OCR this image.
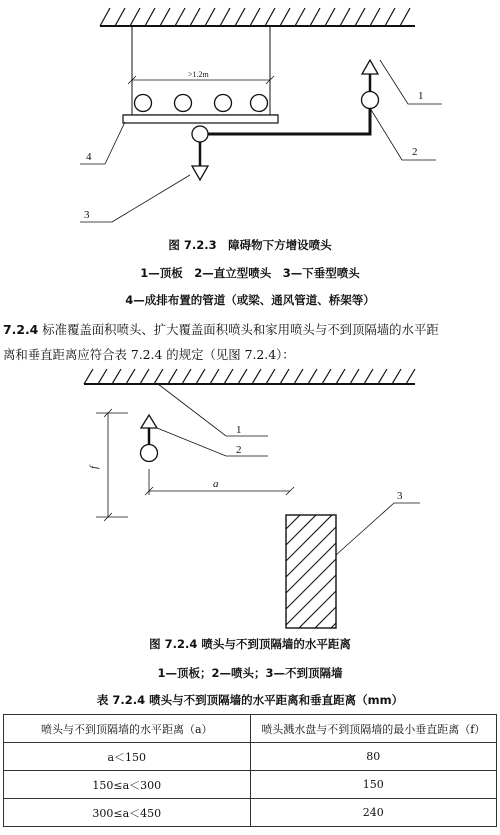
>1.2m
1
2
4
3
图 7.2.3　障碍物下方增设喷头
1—顶板　2—直立型喷头　3—下垂型喷头
4—成排布置的管道（或梁、通风管道、桥架等）
7.2.4 标准覆盖面积喷头、扩大覆盖面积喷头和家用喷头与不到顶隔墙的水平距
离和垂直距离应符合表 7.2.4 的规定（见图 7.2.4）：
f
a
1
2
3
图 7.2.4 喷头与不到顶隔墙的水平距离
1—顶板；2—喷头；3—不到顶隔墙
表 7.2.4 喷头与不到顶隔墙的水平距离和垂直距离（mm）
喷头与不到顶隔墙的水平距离（a）	喷头溅水盘与不到顶隔墙的最小垂直距离（f）
a＜150	80
150≤a＜300	150
300≤a＜450	240
